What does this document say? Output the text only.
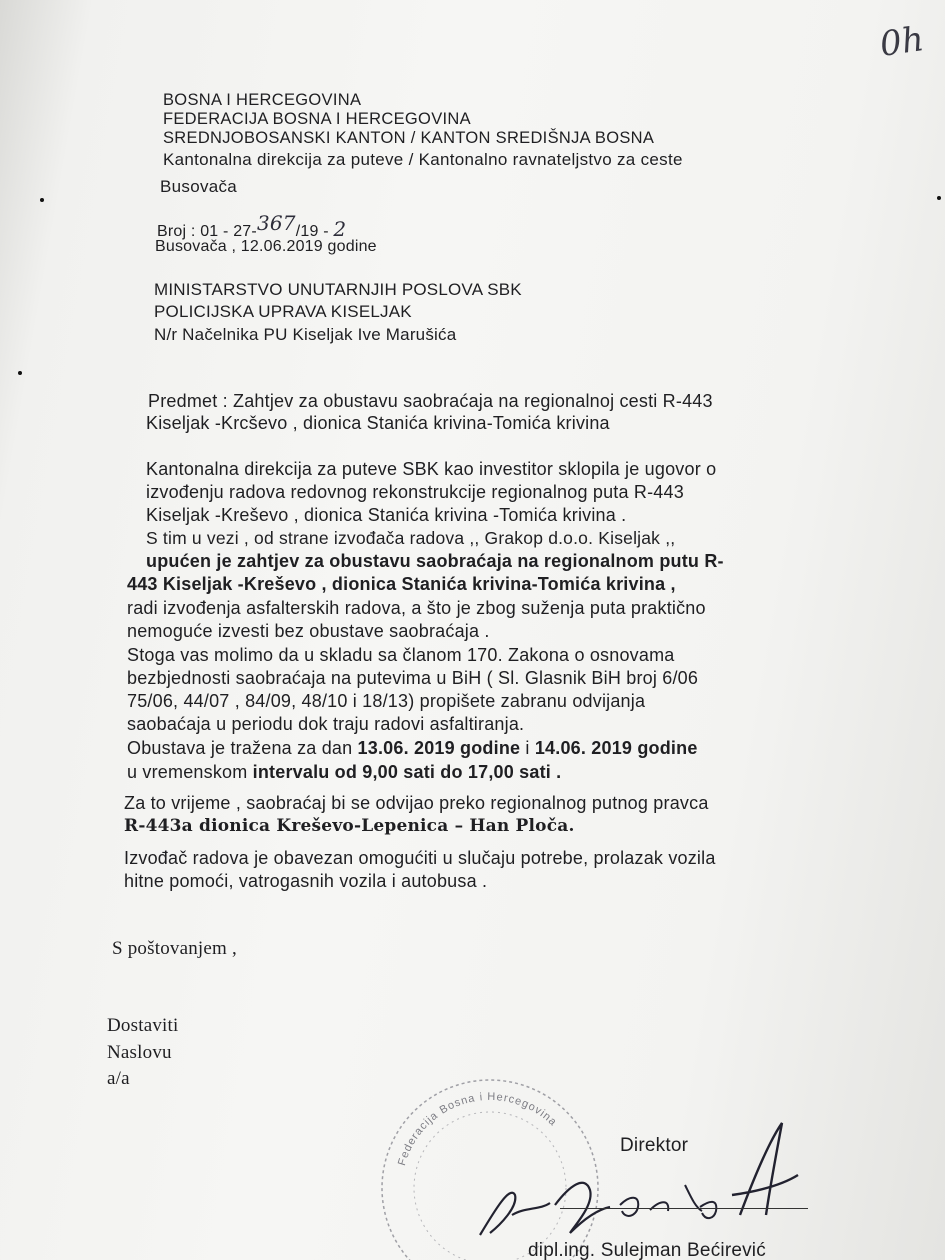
0h
BOSNA I HERCEGOVINA
FEDERACIJA BOSNA I HERCEGOVINA
SREDNJOBOSANSKI KANTON / KANTON SREDIŠNJA BOSNA
Kantonalna direkcija za puteve / Kantonalno ravnateljstvo za ceste
Busovača
Broj : 01 - 27-367/19 - 2
Busovača , 12.06.2019 godine
MINISTARSTVO UNUTARNJIH POSLOVA SBK
POLICIJSKA UPRAVA KISELJAK
N/r Načelnika PU Kiseljak Ive Marušića
Predmet : Zahtjev za obustavu saobraćaja na regionalnoj cesti R-443
Kiseljak -Krcševo , dionica Stanića krivina-Tomića krivina
Kantonalna direkcija za puteve SBK kao investitor sklopila je ugovor o
izvođenju radova redovnog rekonstrukcije regionalnog puta R-443
Kiseljak -Kreševo , dionica Stanića krivina -Tomića krivina .
S tim u vezi , od strane izvođača radova ,, Grakop d.o.o. Kiseljak ,,
upućen je zahtjev za obustavu saobraćaja na regionalnom putu R-
443 Kiseljak -Kreševo , dionica Stanića krivina-Tomića krivina ,
radi izvođenja asfalterskih radova, a što je zbog suženja puta praktično
nemoguće izvesti bez obustave saobraćaja .
Stoga vas molimo da u skladu sa članom 170. Zakona o osnovama
bezbjednosti saobraćaja na putevima u BiH ( Sl. Glasnik BiH broj 6/06
75/06, 44/07 , 84/09, 48/10 i 18/13) propišete zabranu odvijanja
saobaćaja u periodu dok traju radovi asfaltiranja.
Obustava je tražena za dan 13.06. 2019 godine i 14.06. 2019 godine
u vremenskom intervalu od 9,00 sati do 17,00 sati .
Za to vrijeme , saobraćaj bi se odvijao preko regionalnog putnog pravca
R-443a dionica Kreševo-Lepenica – Han Ploča.
Izvođač radova je obavezan omogućiti u slučaju potrebe, prolazak vozila
hitne pomoći, vatrogasnih vozila i autobusa .
S poštovanjem ,
Dostaviti
Naslovu
a/a
Federacija Bosna i Hercegovina
Direktor
dipl.ing. Sulejman Bećirević
